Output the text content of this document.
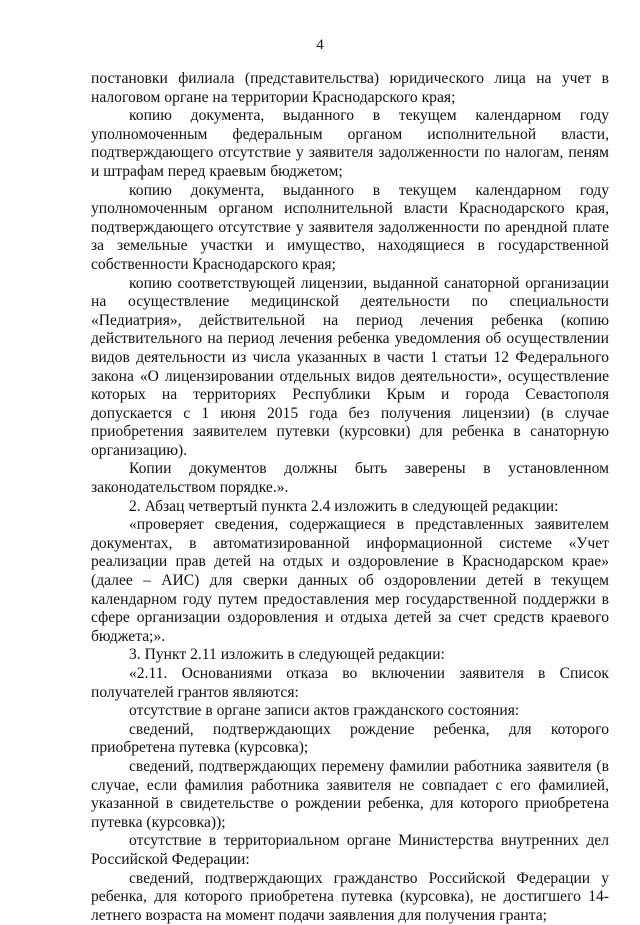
4

постановки филиала (представительства) юридического лица на учет в налоговом органе на территории Краснодарского края;

копию документа, выданного в текущем календарном году уполномоченным федеральным органом исполнительной власти, подтверждающего отсутствие у заявителя задолженности по налогам, пеням и штрафам перед краевым бюджетом;

копию документа, выданного в текущем календарном году уполномоченным органом исполнительной власти Краснодарского края, подтверждающего отсутствие у заявителя задолженности по арендной плате за земельные участки и имущество, находящиеся в государственной собственности Краснодарского края;

копию соответствующей лицензии, выданной санаторной организации на осуществление медицинской деятельности по специальности «Педиатрия», действительной на период лечения ребенка (копию действительного на период лечения ребенка уведомления об осуществлении видов деятельности из числа указанных в части 1 статьи 12 Федерального закона «О лицензировании отдельных видов деятельности», осуществление которых на территориях Республики Крым и города Севастополя допускается с 1 июня 2015 года без получения лицензии) (в случае приобретения заявителем путевки (курсовки) для ребенка в санаторную организацию).

Копии документов должны быть заверены в установленном законодательством порядке.».

2. Абзац четвертый пункта 2.4 изложить в следующей редакции:

«проверяет сведения, содержащиеся в представленных заявителем документах, в автоматизированной информационной системе «Учет реализации прав детей на отдых и оздоровление в Краснодарском крае» (далее – АИС) для сверки данных об оздоровлении детей в текущем календарном году путем предоставления мер государственной поддержки в сфере организации оздоровления и отдыха детей за счет средств краевого бюджета;».

3. Пункт 2.11 изложить в следующей редакции:

«2.11. Основаниями отказа во включении заявителя в Список получателей грантов являются:

отсутствие в органе записи актов гражданского состояния:

сведений, подтверждающих рождение ребенка, для которого приобретена путевка (курсовка);

сведений, подтверждающих перемену фамилии работника заявителя (в случае, если фамилия работника заявителя не совпадает с его фамилией, указанной в свидетельстве о рождении ребенка, для которого приобретена путевка (курсовка));

отсутствие в территориальном органе Министерства внутренних дел Российской Федерации:

сведений, подтверждающих гражданство Российской Федерации у ребенка, для которого приобретена путевка (курсовка), не достигшего 14-летнего возраста на момент подачи заявления для получения гранта;
